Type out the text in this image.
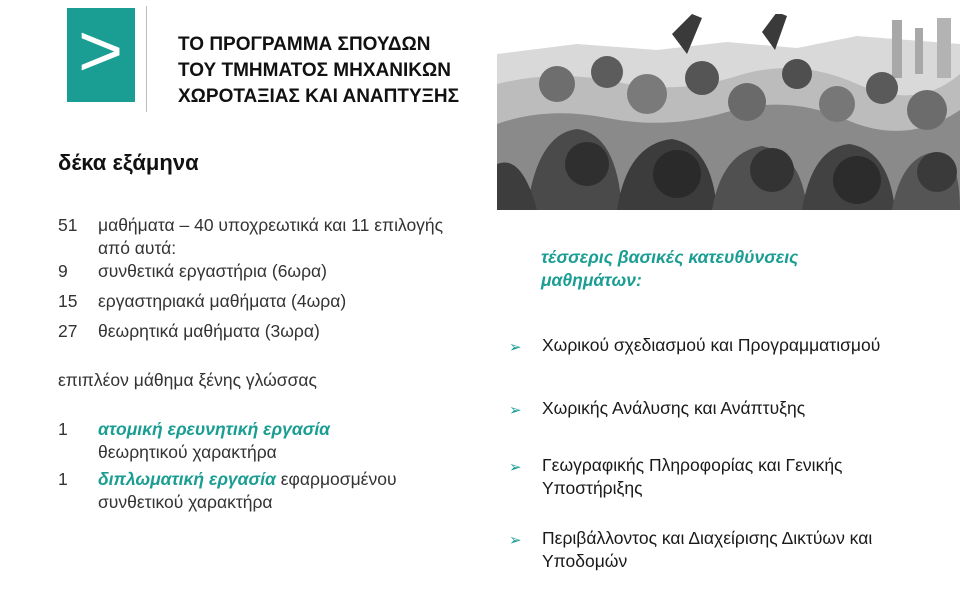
>	ΤΟ ΠΡΟΓΡΑΜΜΑ ΣΠΟΥΔΩΝ
ΤΟΥ ΤΜΗΜΑΤΟΣ ΜΗΧΑΝΙΚΩΝ
ΧΩΡΟΤΑΞΙΑΣ ΚΑΙ ΑΝΑΠΤΥΞΗΣ
δέκα εξάμηνα
51	μαθήματα – 40 υποχρεωτικά και 11 επιλογής
από αυτά:
9	συνθετικά εργαστήρια (6ωρα)
15	εργαστηριακά μαθήματα (4ωρα)
27	θεωρητικά μαθήματα (3ωρα)
επιπλέον μάθημα ξένης γλώσσας
1	ατομική ερευνητική εργασία
θεωρητικού χαρακτήρα
1	διπλωματική εργασία εφαρμοσμένου συνθετικού χαρακτήρα
τέσσερις βασικές κατευθύνσεις μαθημάτων:
➢	Χωρικού σχεδιασμού και Προγραμματισμού
➢	Χωρικής Ανάλυσης και Ανάπτυξης
➢	Γεωγραφικής Πληροφορίας και Γενικής Υποστήριξης
➢	Περιβάλλοντος και Διαχείρισης Δικτύων και Υποδομών
